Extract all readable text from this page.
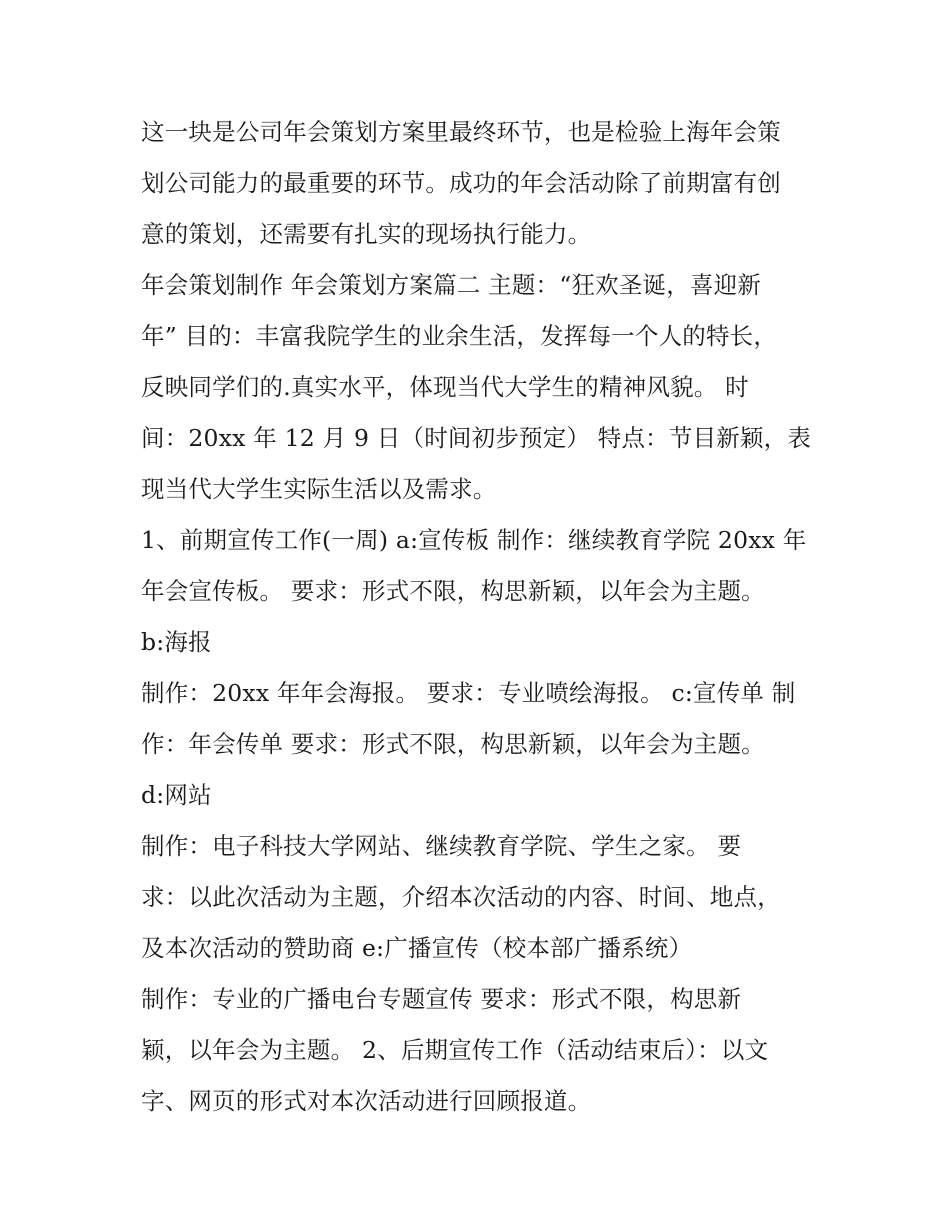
这一块是公司年会策划方案里最终环节，也是检验上海年会策
划公司能力的最重要的环节。成功的年会活动除了前期富有创
意的策划，还需要有扎实的现场执行能力。
年会策划制作 年会策划方案篇二 主题：“狂欢圣诞，喜迎新
年” 目的：丰富我院学生的业余生活，发挥每一个人的特长，
反映同学们的.真实水平，体现当代大学生的精神风貌。 时
间：20xx 年 12 月 9 日（时间初步预定） 特点：节目新颖，表
现当代大学生实际生活以及需求。
1、前期宣传工作(一周) a:宣传板 制作：继续教育学院 20xx 年
年会宣传板。 要求：形式不限，构思新颖，以年会为主题。
b:海报
制作：20xx 年年会海报。 要求：专业喷绘海报。 c:宣传单 制
作：年会传单 要求：形式不限，构思新颖，以年会为主题。
d:网站
制作：电子科技大学网站、继续教育学院、学生之家。 要
求：以此次活动为主题，介绍本次活动的内容、时间、地点，
及本次活动的赞助商 e:广播宣传（校本部广播系统）
制作：专业的广播电台专题宣传 要求：形式不限，构思新
颖，以年会为主题。 2、后期宣传工作（活动结束后）：以文
字、网页的形式对本次活动进行回顾报道。
